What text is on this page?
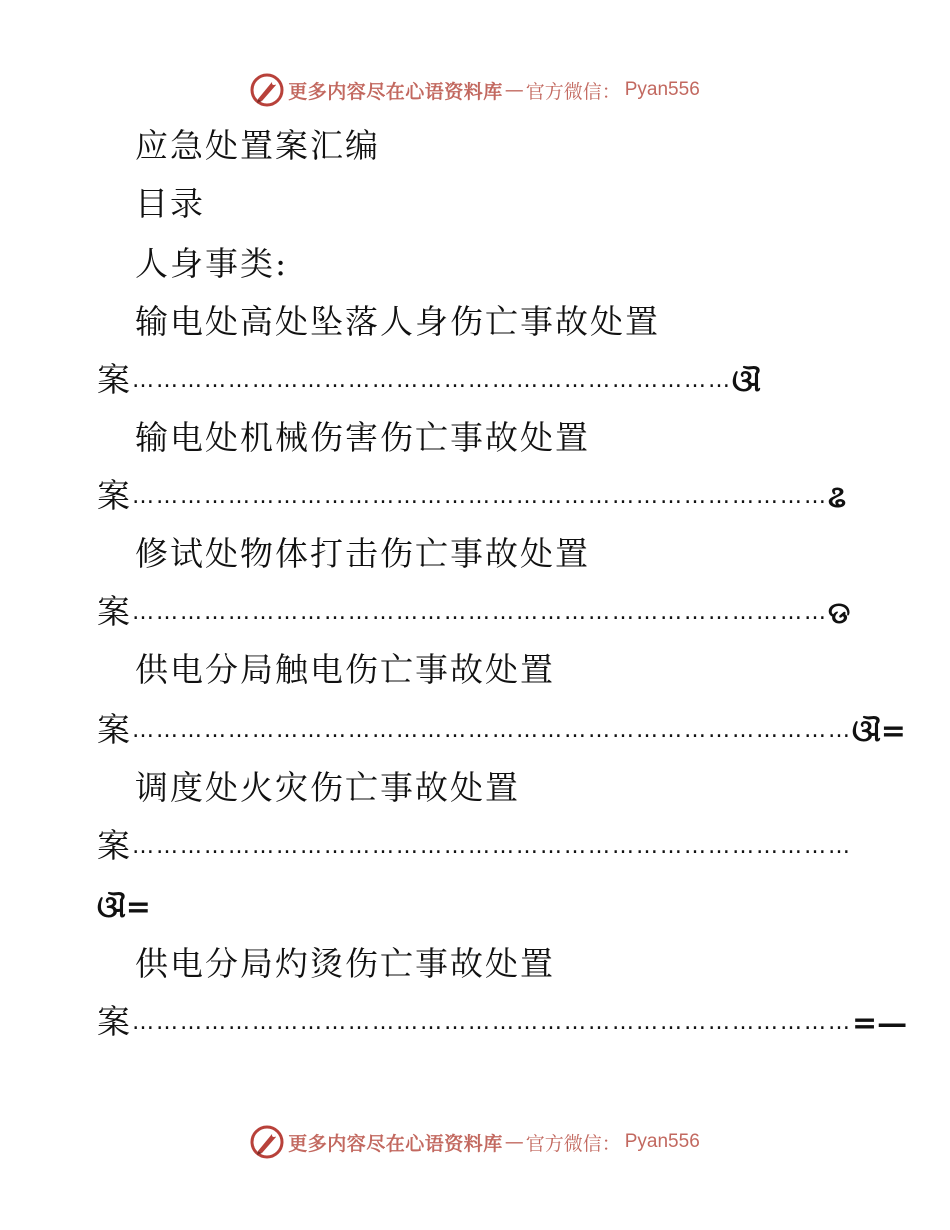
更多内容尽在心语资料库 — 官方微信： Pyan556
应急处置案汇编
目录
人身事类:
输电处高处坠落人身伤亡事故处置
案…………………………………………………………………ଔ
输电处机械伤害伤亡事故处置
案……………………………………………………………………………ଌ
修试处物体打击伤亡事故处置
案……………………………………………………………………………ଡ
供电分局触电伤亡事故处置
案………………………………………………………………………………ଔ=
调度处火灾伤亡事故处置
案………………………………………………………………………………
ଔ=
供电分局灼烫伤亡事故处置
案………………………………………………………………………………=—
更多内容尽在心语资料库 — 官方微信： Pyan556
